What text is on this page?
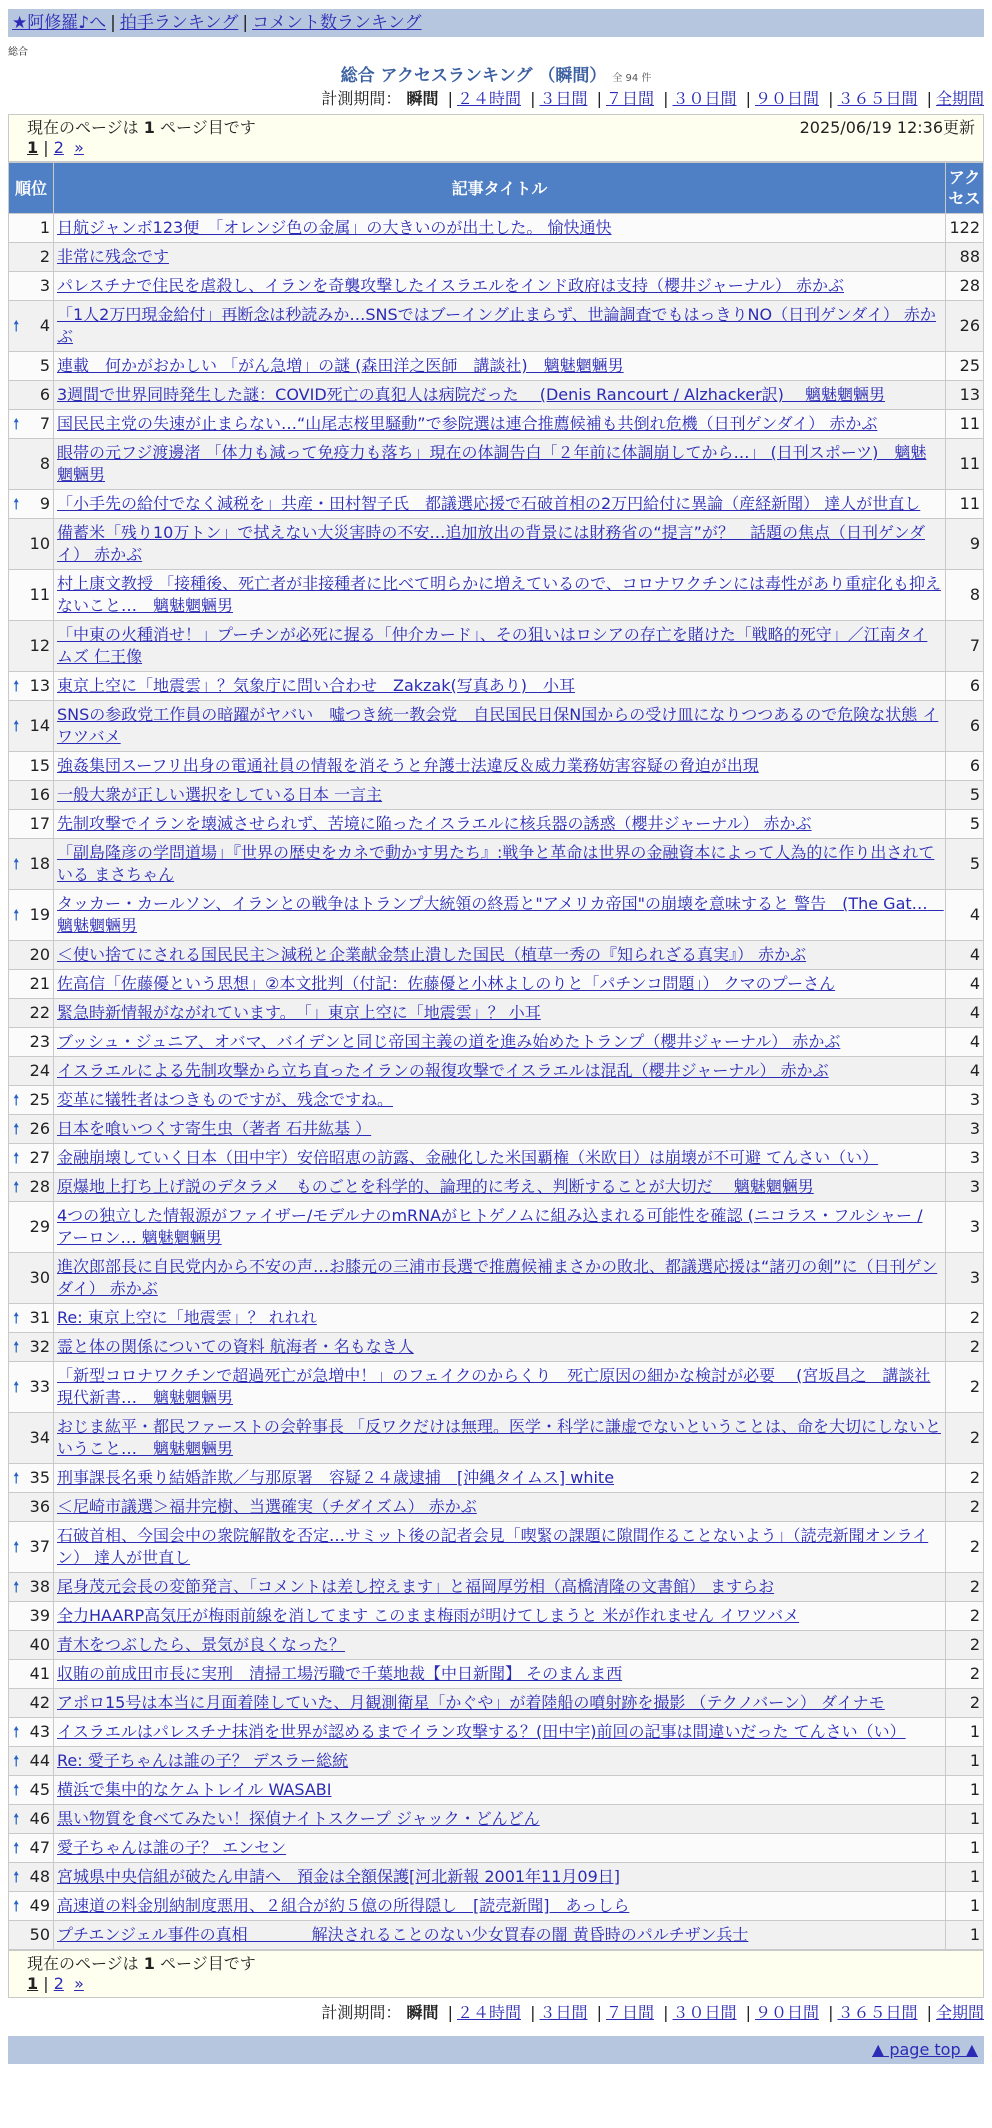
★阿修羅♪へ | 拍手ランキング | コメント数ランキング
総合
総合 アクセスランキング （瞬間） 全 94 件
計測期間： 瞬間 | ２４時間 | ３日間 | ７日間 | ３０日間 | ９０日間 | ３６５日間 | 全期間
現在のページは 1 ページ目です	2025/06/19 12:36更新
1 | 2 »
順位	記事タイトル	アクセス
1	日航ジャンボ123便　「オレンジ色の金属」の大きいのが出土した。 愉快通快	122
2	非常に残念です	88
3	パレスチナで住民を虐殺し、イランを奇襲攻撃したイスラエルをインド政府は支持（櫻井ジャーナル） 赤かぶ	28

🠕 4	「1人2万円現金給付」再断念は秒読みか…SNSではブーイング止まらず、世論調査でもはっきりNO（日刊ゲンダイ） 赤かぶ	26
5	連載　何かがおかしい 「がん急増」の謎 (森田洋之医師　講談社)　魑魅魍魎男	25
6	3週間で世界同時発生した謎：COVID死亡の真犯人は病院だった　 (Denis Rancourt / Alzhacker訳)　 魑魅魍魎男	13

🠕 7	国民民主党の失速が止まらない…“山尾志桜里騒動”で参院選は連合推薦候補も共倒れ危機（日刊ゲンダイ） 赤かぶ	11
8	眼帯の元フジ渡邊渚 「体力も減って免疫力も落ち」現在の体調告白「２年前に体調崩してから…」 (日刊スポーツ)　魑魅魍魎男	11

🠕 9	「小手先の給付でなく減税を」共産・田村智子氏　都議選応援で石破首相の2万円給付に異論（産経新聞） 達人が世直し	11
10	備蓄米「残り10万トン」で拭えない大災害時の不安…追加放出の背景には財務省の“提言”が？　話題の焦点（日刊ゲンダイ） 赤かぶ	9
11	村上康文教授 「接種後、死亡者が非接種者に比べて明らかに増えているので、コロナワクチンには毒性があり重症化も抑えないこと…　魑魅魍魎男	8
12	「中東の火種消せ！」プーチンが必死に握る「仲介カード」、その狙いはロシアの存亡を賭けた「戦略的死守」／江南タイムズ 仁王像	7

🠕 13	東京上空に「地震雲」？気象庁に問い合わせ　Zakzak(写真あり)　小耳	6

🠕 14	SNSの参政党工作員の暗躍がヤバい　噓つき統一教会党　自民国民日保N国からの受け皿になりつつあるので危険な状態 イワツバメ	6
15	強姦集団スーフリ出身の電通社員の情報を消そうと弁護士法違反＆威力業務妨害容疑の脅迫が出現	6
16	一般大衆が正しい選択をしている日本 一言主	5
17	先制攻撃でイランを壊滅させられず、苦境に陥ったイスラエルに核兵器の誘惑（櫻井ジャーナル） 赤かぶ	5

🠕 18	「副島隆彦の学問道場」『世界の歴史をカネで動かす男たち』:戦争と革命は世界の金融資本によって人為的に作り出されている まさちゃん	5

🠕 19	タッカー・カールソン、イランとの戦争はトランプ大統領の終焉と"アメリカ帝国"の崩壊を意味すると 警告　(The Gat…　魑魅魍魎男	4
20	＜使い捨てにされる国民民主＞減税と企業献金禁止潰した国民（植草一秀の『知られざる真実』） 赤かぶ	4
21	佐高信「佐藤優という思想」②本文批判（付記：佐藤優と小林よしのりと「パチンコ問題」） クマのプーさん	4
22	緊急時新情報がながれています。　「」東京上空に「地震雲」？ 小耳	4
23	ブッシュ・ジュニア、オバマ、バイデンと同じ帝国主義の道を進み始めたトランプ（櫻井ジャーナル） 赤かぶ	4
24	イスラエルによる先制攻撃から立ち直ったイランの報復攻撃でイスラエルは混乱（櫻井ジャーナル） 赤かぶ	4

🠕 25	変革に犠牲者はつきものですが、残念ですね。	3

🠕 26	日本を喰いつくす寄生虫（著者 石井紘基 ）	3

🠕 27	金融崩壊していく日本（田中宇）安倍昭恵の訪露、金融化した米国覇権（米欧日）は崩壊が不可避 てんさい（い）	3

🠕 28	原爆地上打ち上げ説のデタラメ　ものごとを科学的、論理的に考え、判断することが大切だ　 魑魅魍魎男	3
29	4つの独立した情報源がファイザー/モデルナのmRNAがヒトゲノムに組み込まれる可能性を確認 (ニコラス・フルシャー / アーロン… 魑魅魍魎男	3
30	進次郎部長に自民党内から不安の声…お膝元の三浦市長選で推薦候補まさかの敗北、都議選応援は“諸刃の剣”に（日刊ゲンダイ） 赤かぶ	3

🠕 31	Re: 東京上空に「地震雲」？ れれれ	2

🠕 32	霊と体の関係についての資料 航海者・名もなき人	2

🠕 33	「新型コロナワクチンで超過死亡が急増中！」のフェイクのからくり　死亡原因の細かな検討が必要　 (宮坂昌之　講談社現代新書…　魑魅魍魎男	2
34	おじま紘平・都民ファーストの会幹事長 「反ワクだけは無理。医学・科学に謙虚でないということは、命を大切にしないということ…　魑魅魍魎男	2

🠕 35	刑事課長名乗り結婚詐欺／与那原署　容疑２４歳逮捕　[沖縄タイムス] white	2
36	＜尼崎市議選＞福井完樹、当選確実（チダイズム） 赤かぶ	2

🠕 37	石破首相、今国会中の衆院解散を否定…サミット後の記者会見「喫緊の課題に隙間作ることないよう」（読売新聞オンライン） 達人が世直し	2

🠕 38	尾身茂元会長の変節発言、「コメントは差し控えます」と福岡厚労相（高橋清隆の文書館） ますらお	2
39	全力HAARP高気圧が梅雨前線を消してます このまま梅雨が明けてしまうと 米が作れません イワツバメ	2
40	青木をつぶしたら、景気が良くなった？	2
41	収賄の前成田市長に実刑　清掃工場汚職で千葉地裁【中日新聞】 そのまんま西	2
42	アポロ15号は本当に月面着陸していた、月観測衛星「かぐや」が着陸船の噴射跡を撮影 （テクノバーン） ダイナモ	2

🠕 43	イスラエルはパレスチナ抹消を世界が認めるまでイラン攻撃する？(田中宇)前回の記事は間違いだった てんさい（い）	1

🠕 44	Re: 愛子ちゃんは誰の子？ デスラー総統	1

🠕 45	横浜で集中的なケムトレイル WASABI	1

🠕 46	黒い物質を食べてみたい！探偵ナイトスクープ ジャック・どんどん	1

🠕 47	愛子ちゃんは誰の子？ エンセン	1

🠕 48	宮城県中央信組が破たん申請へ　預金は全額保護[河北新報 2001年11月09日]	1

🠕 49	高速道の料金別納制度悪用、２組合が約５億の所得隠し　[読売新聞]　あっしら	1
50	プチエンジェル事件の真相　　　　解決されることのない少女買春の闇 黄昏時のパルチザン兵士	1
現在のページは 1 ページ目です
1 | 2 »
計測期間： 瞬間 | ２４時間 | ３日間 | ７日間 | ３０日間 | ９０日間 | ３６５日間 | 全期間
▲ page top ▲
